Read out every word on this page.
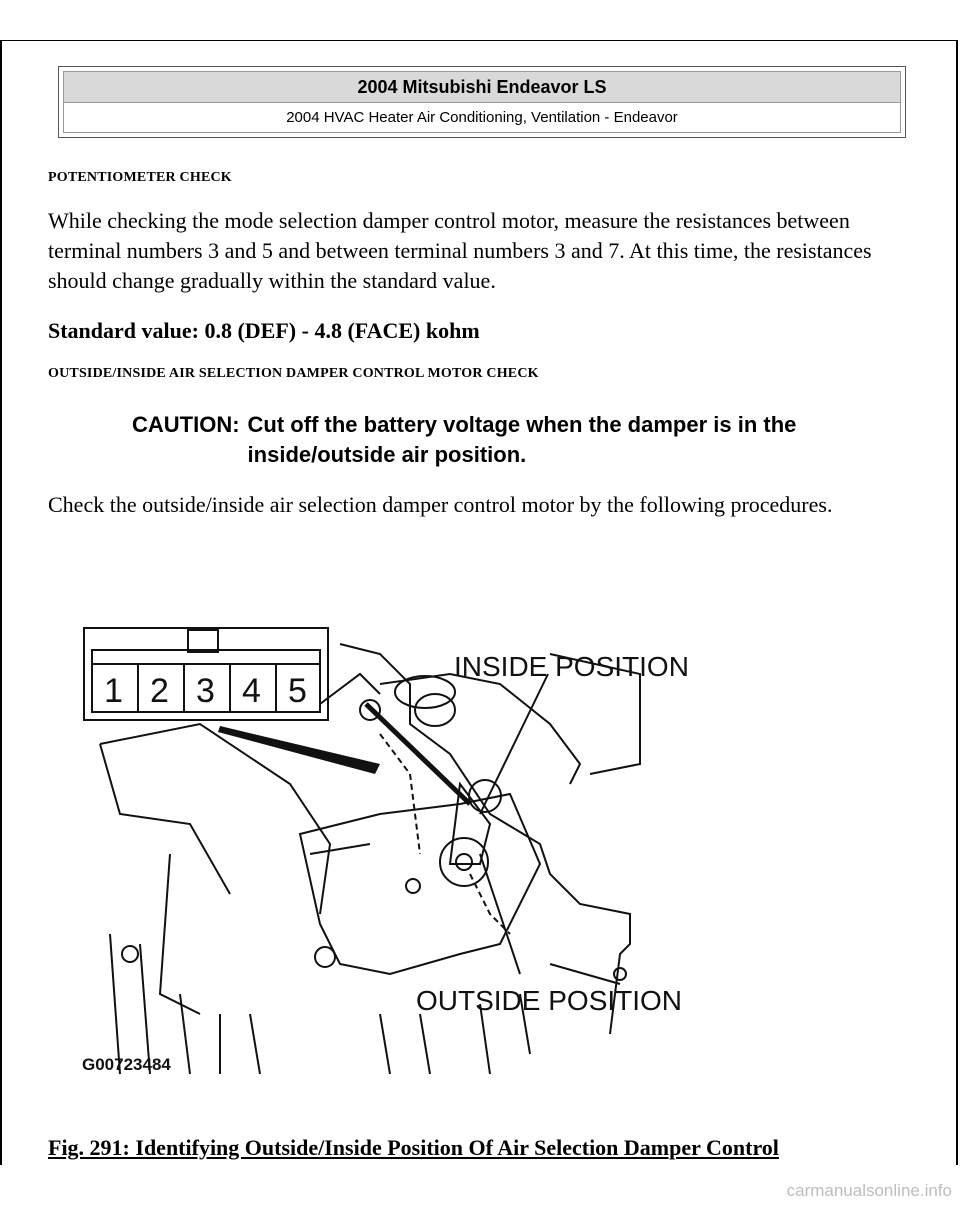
2004 Mitsubishi Endeavor LS
2004 HVAC Heater Air Conditioning, Ventilation - Endeavor
POTENTIOMETER CHECK
While checking the mode selection damper control motor, measure the resistances between terminal numbers 3 and 5 and between terminal numbers 3 and 7. At this time, the resistances should change gradually within the standard value.
Standard value: 0.8 (DEF) - 4.8 (FACE) kohm
OUTSIDE/INSIDE AIR SELECTION DAMPER CONTROL MOTOR CHECK
CAUTION: Cut off the battery voltage when the damper is in the inside/outside air position.
Check the outside/inside air selection damper control motor by the following procedures.
1 2 3 4 5
INSIDE POSITION
OUTSIDE POSITION
G00723484
Fig. 291: Identifying Outside/Inside Position Of Air Selection Damper Control
carmanualsonline.info
